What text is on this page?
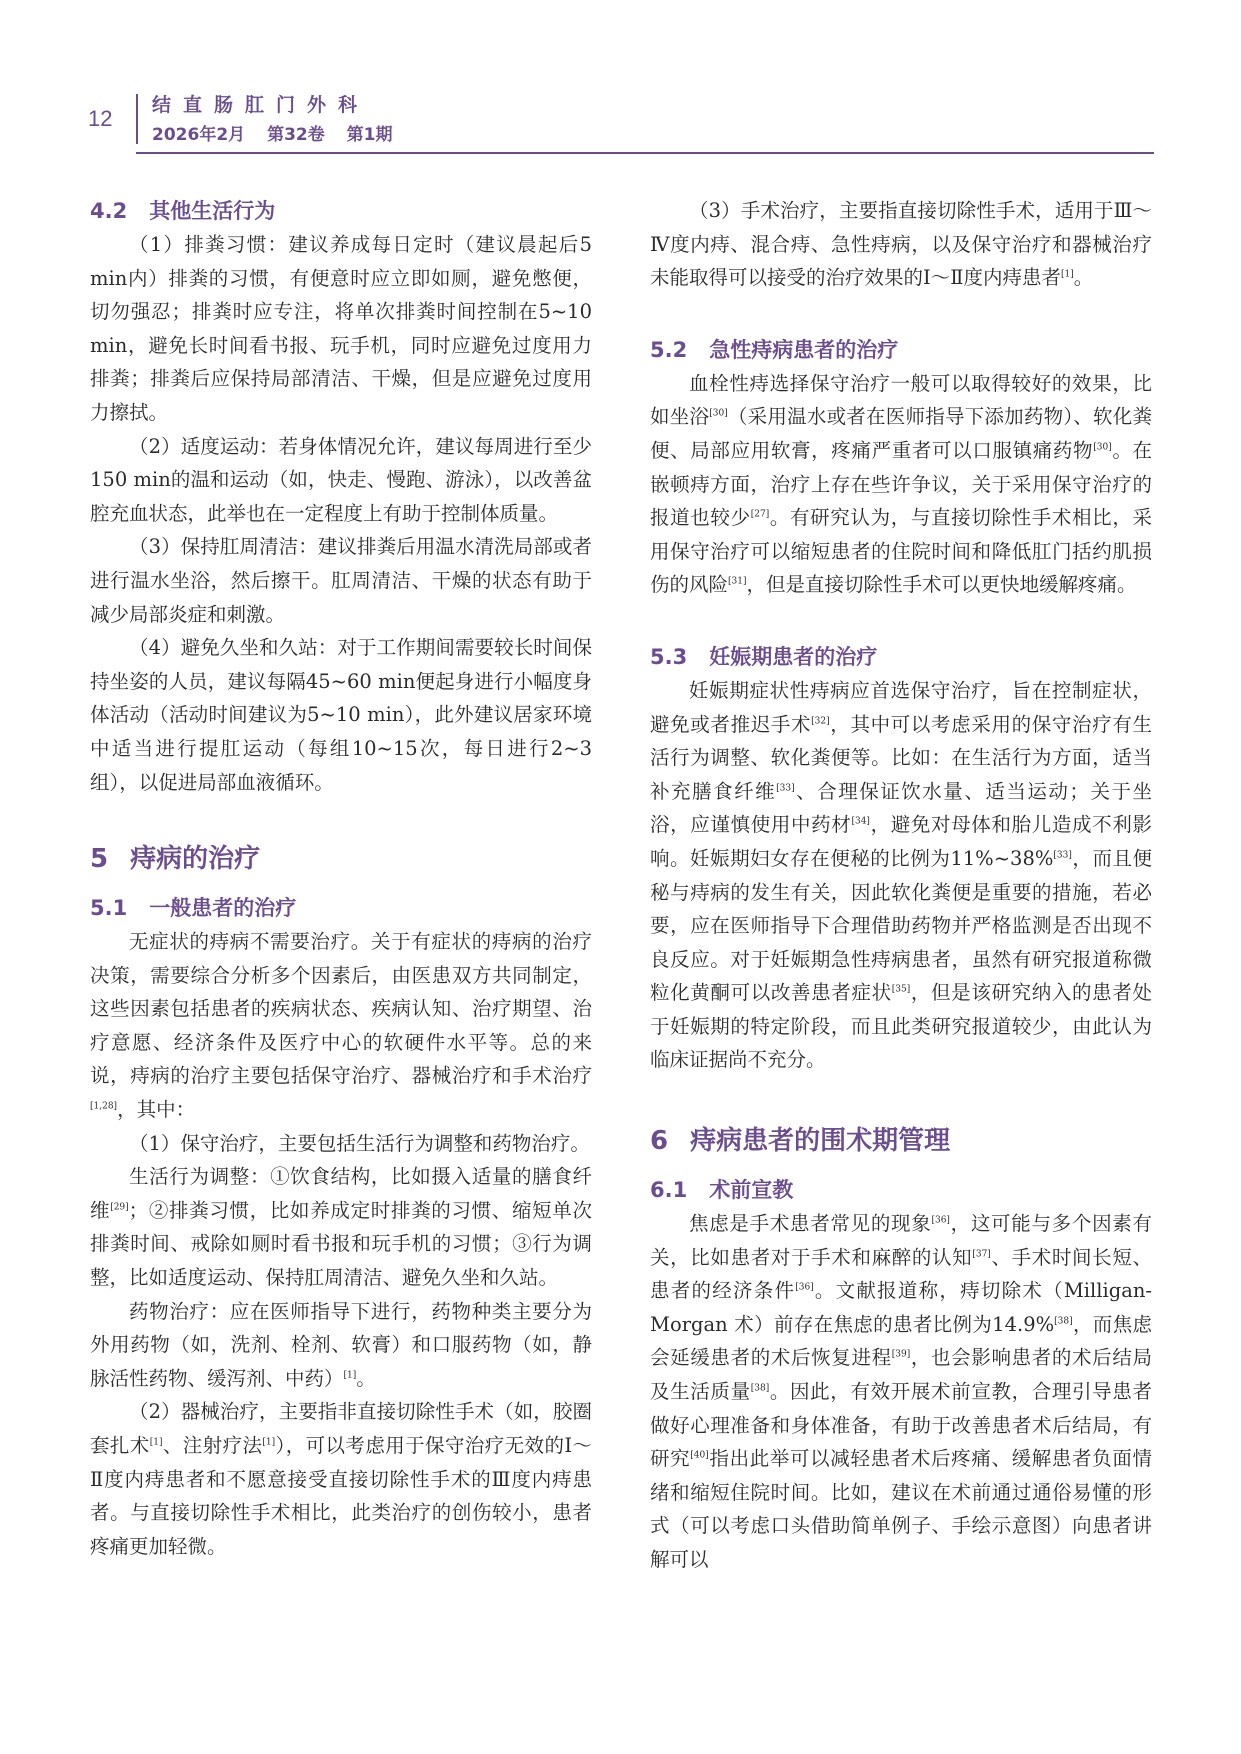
12
结直肠肛门外科
2026年2月 第32卷 第1期
4.2 其他生活行为

（1）排粪习惯：建议养成每日定时（建议晨起后5 min内）排粪的习惯，有便意时应立即如厕，避免憋便，切勿强忍；排粪时应专注，将单次排粪时间控制在5~10 min，避免长时间看书报、玩手机，同时应避免过度用力排粪；排粪后应保持局部清洁、干燥，但是应避免过度用力擦拭。

（2）适度运动：若身体情况允许，建议每周进行至少150 min的温和运动（如，快走、慢跑、游泳），以改善盆腔充血状态，此举也在一定程度上有助于控制体质量。

（3）保持肛周清洁：建议排粪后用温水清洗局部或者进行温水坐浴，然后擦干。肛周清洁、干燥的状态有助于减少局部炎症和刺激。

（4）避免久坐和久站：对于工作期间需要较长时间保持坐姿的人员，建议每隔45~60 min便起身进行小幅度身体活动（活动时间建议为5~10 min），此外建议居家环境中适当进行提肛运动（每组10~15次，每日进行2~3组），以促进局部血液循环。

5 痔病的治疗
5.1 一般患者的治疗

无症状的痔病不需要治疗。关于有症状的痔病的治疗决策，需要综合分析多个因素后，由医患双方共同制定，这些因素包括患者的疾病状态、疾病认知、治疗期望、治疗意愿、经济条件及医疗中心的软硬件水平等。总的来说，痔病的治疗主要包括保守治疗、器械治疗和手术治疗[1,28]，其中：

（1）保守治疗，主要包括生活行为调整和药物治疗。

生活行为调整：①饮食结构，比如摄入适量的膳食纤维[29]；②排粪习惯，比如养成定时排粪的习惯、缩短单次排粪时间、戒除如厕时看书报和玩手机的习惯；③行为调整，比如适度运动、保持肛周清洁、避免久坐和久站。

药物治疗：应在医师指导下进行，药物种类主要分为外用药物（如，洗剂、栓剂、软膏）和口服药物（如，静脉活性药物、缓泻剂、中药）[1]。

（2）器械治疗，主要指非直接切除性手术（如，胶圈套扎术[1]、注射疗法[1]），可以考虑用于保守治疗无效的Ⅰ～Ⅱ度内痔患者和不愿意接受直接切除性手术的Ⅲ度内痔患者。与直接切除性手术相比，此类治疗的创伤较小，患者疼痛更加轻微。

（3）手术治疗，主要指直接切除性手术，适用于Ⅲ～Ⅳ度内痔、混合痔、急性痔病，以及保守治疗和器械治疗未能取得可以接受的治疗效果的Ⅰ～Ⅱ度内痔患者[1]。

5.2 急性痔病患者的治疗

血栓性痔选择保守治疗一般可以取得较好的效果，比如坐浴[30]（采用温水或者在医师指导下添加药物）、软化粪便、局部应用软膏，疼痛严重者可以口服镇痛药物[30]。在嵌顿痔方面，治疗上存在些许争议，关于采用保守治疗的报道也较少[27]。有研究认为，与直接切除性手术相比，采用保守治疗可以缩短患者的住院时间和降低肛门括约肌损伤的风险[31]，但是直接切除性手术可以更快地缓解疼痛。

5.3 妊娠期患者的治疗

妊娠期症状性痔病应首选保守治疗，旨在控制症状，避免或者推迟手术[32]，其中可以考虑采用的保守治疗有生活行为调整、软化粪便等。比如：在生活行为方面，适当补充膳食纤维[33]、合理保证饮水量、适当运动；关于坐浴，应谨慎使用中药材[34]，避免对母体和胎儿造成不利影响。妊娠期妇女存在便秘的比例为11%~38%[33]，而且便秘与痔病的发生有关，因此软化粪便是重要的措施，若必要，应在医师指导下合理借助药物并严格监测是否出现不良反应。对于妊娠期急性痔病患者，虽然有研究报道称微粒化黄酮可以改善患者症状[35]，但是该研究纳入的患者处于妊娠期的特定阶段，而且此类研究报道较少，由此认为临床证据尚不充分。

6 痔病患者的围术期管理
6.1 术前宣教

焦虑是手术患者常见的现象[36]，这可能与多个因素有关，比如患者对于手术和麻醉的认知[37]、手术时间长短、患者的经济条件[36]。文献报道称，痔切除术（Milligan-Morgan 术）前存在焦虑的患者比例为14.9%[38]，而焦虑会延缓患者的术后恢复进程[39]，也会影响患者的术后结局及生活质量[38]。因此，有效开展术前宣教，合理引导患者做好心理准备和身体准备，有助于改善患者术后结局，有研究[40]指出此举可以减轻患者术后疼痛、缓解患者负面情绪和缩短住院时间。比如，建议在术前通过通俗易懂的形式（可以考虑口头借助简单例子、手绘示意图）向患者讲解可以
